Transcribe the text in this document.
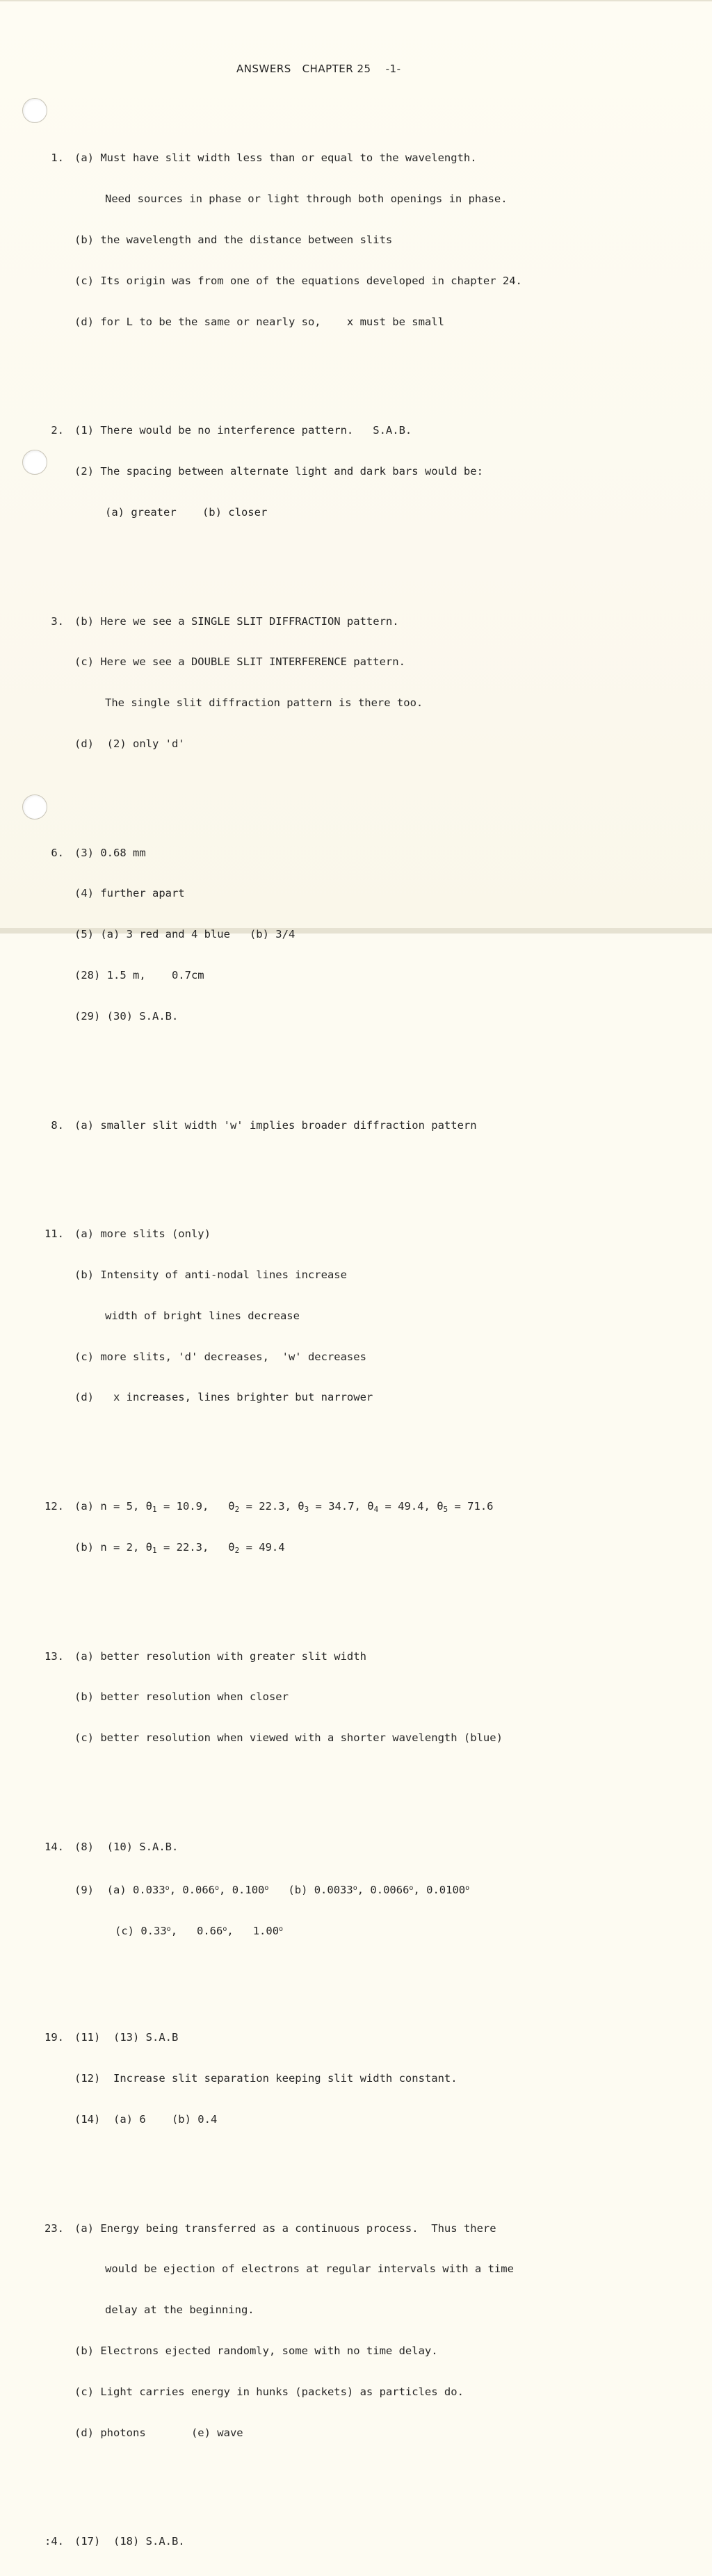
ANSWERS CHAPTER 25 -1-

1. (a) Must have slit width less than or equal to the wavelength.

Need sources in phase or light through both openings in phase.

(b) the wavelength and the distance between slits

(c) Its origin was from one of the equations developed in chapter 24.

(d) for L to be the same or nearly so,    x must be small

2. (1) There would be no interference pattern.   S.A.B.

(2) The spacing between alternate light and dark bars would be:

(a) greater    (b) closer

3. (b) Here we see a SINGLE SLIT DIFFRACTION pattern.

(c) Here we see a DOUBLE SLIT INTERFERENCE pattern.

The single slit diffraction pattern is there too.

(d)  (2) only 'd'

6. (3) 0.68 mm

(4) further apart

(5) (a) 3 red and 4 blue   (b) 3/4

(28) 1.5 m,    0.7cm

(29) (30) S.A.B.

8. (a) smaller slit width 'w' implies broader diffraction pattern

11. (a) more slits (only)

(b) Intensity of anti-nodal lines increase

width of bright lines decrease

(c) more slits, 'd' decreases,  'w' decreases

(d)   x increases, lines brighter but narrower

12. (a) n = 5, $\theta_1 = 10.9$,   $\theta_2 = 22.3$, $\theta_3 = 34.7$, $\theta_4 = 49.4$, $\theta_5 = 71.6$

(b) n = 2, $\theta_1 = 22.3$,   $\theta_2 = 49.4$

13. (a) better resolution with greater slit width

(b) better resolution when closer

(c) better resolution when viewed with a shorter wavelength (blue)

14. (8)  (10) S.A.B.

(9)  (a) 0.033$^o$, 0.066$^o$, 0.100$^o$   (b) 0.0033$^o$, 0.0066$^o$, 0.0100$^o$

(c) 0.33$^o$,   0.66$^o$,   1.00$^o$

19. (11)  (13) S.A.B

(12)  Increase slit separation keeping slit width constant.

(14)  (a) 6    (b) 0.4

23. (a) Energy being transferred as a continuous process.  Thus there

would be ejection of electrons at regular intervals with a time

delay at the beginning.

(b) Electrons ejected randomly, some with no time delay.

(c) Light carries energy in hunks (packets) as particles do.

(d) photons       (e) wave

:4. (17)  (18) S.A.B.
